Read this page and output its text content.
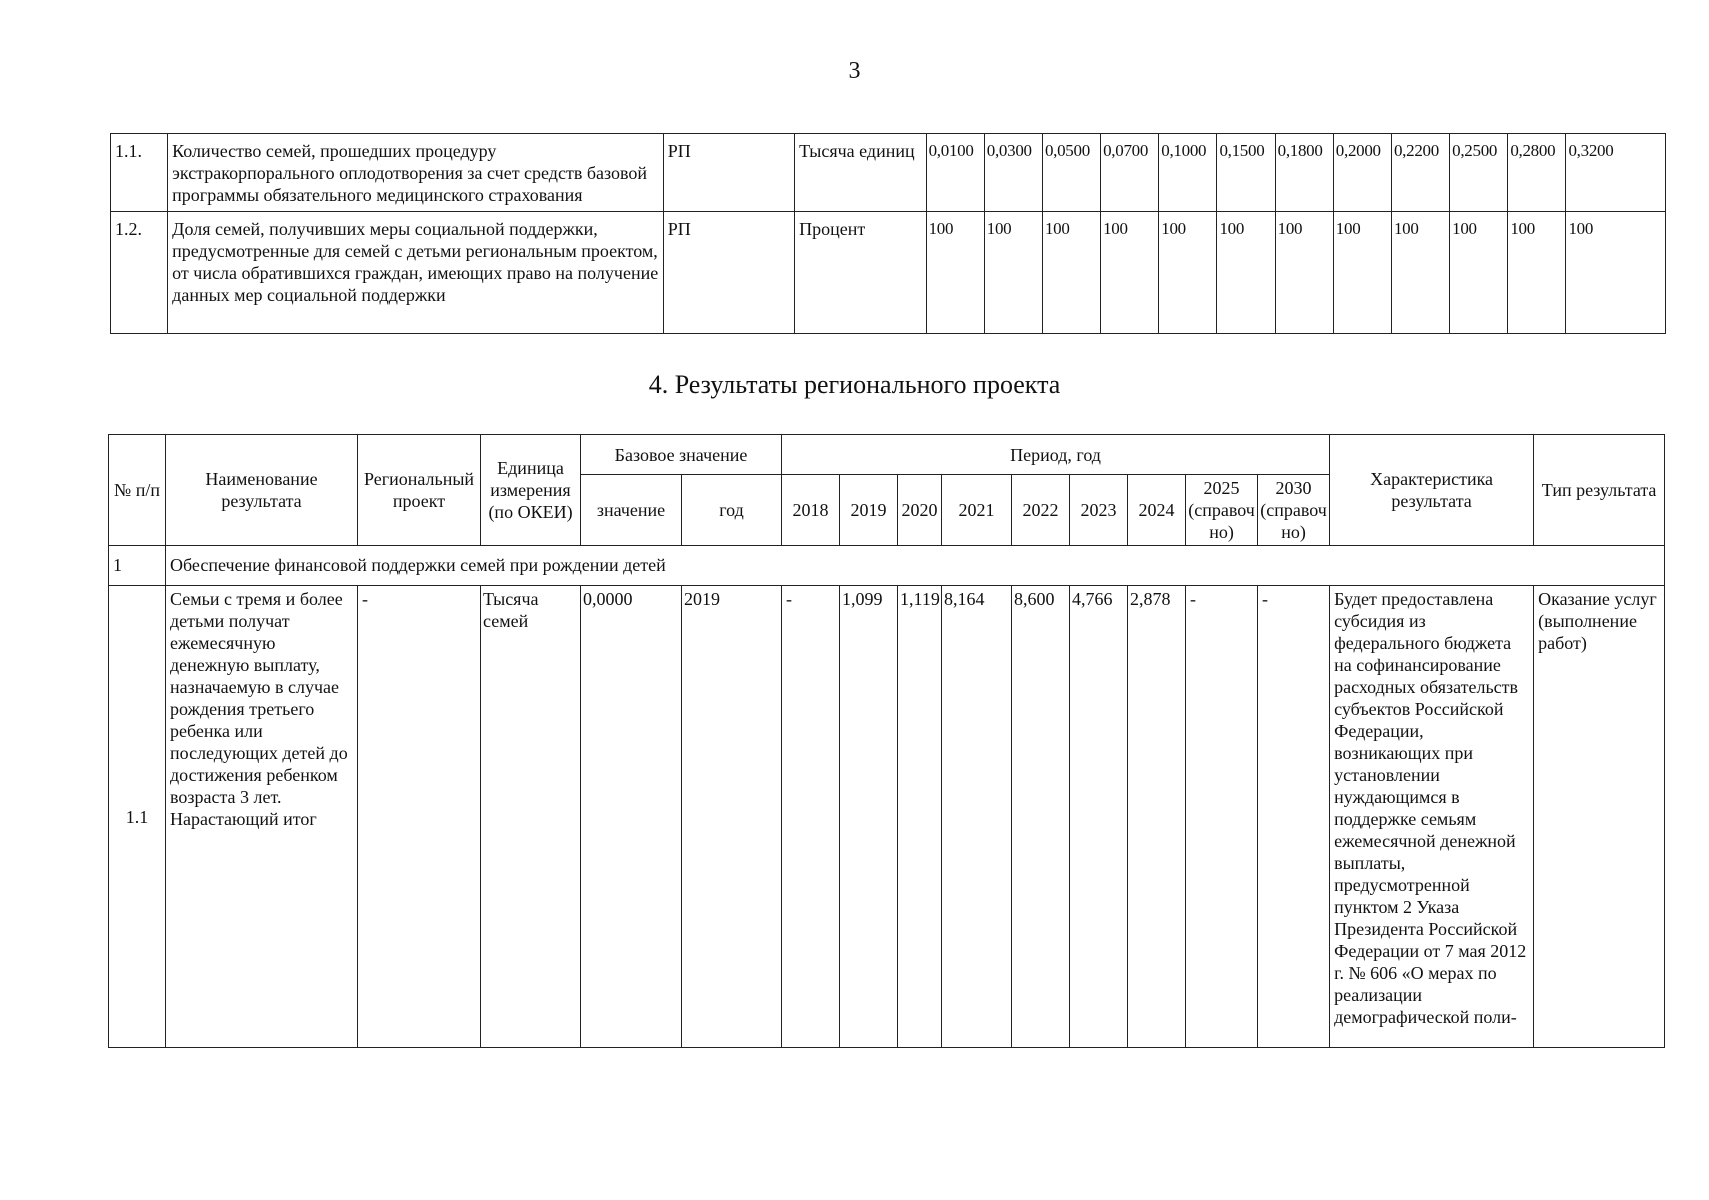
3
1.1.	Количество семей, прошедших процедуру экстракорпорального оплодотворения за счет средств базовой программы обязательного медицинского страхования	РП	Тысяча единиц	0,0100	0,0300	0,0500	0,0700	0,1000	0,1500	0,1800	0,2000	0,2200	0,2500	0,2800	0,3200
1.2.	Доля семей, получивших меры социальной поддержки, предусмотренные для семей с детьми региональным проектом, от числа обратившихся граждан, имеющих право на получение данных мер социальной поддержки	РП	Процент	100	100	100	100	100	100	100	100	100	100	100	100
4. Результаты регионального проекта
№ п/п	Наименование результата	Региональный проект	Единица измерения (по ОКЕИ)	Базовое значение		Период, год									Характеристика результата	Тип результата
				значение	год	2018	2019	2020	2021	2022	2023	2024	2025 (справочно)	2030 (справочно)		
1	Обеспечение финансовой поддержки семей при рождении детей															
1.1	Семьи с тремя и более детьми получат ежемесячную денежную выплату, назначаемую в случае рождения третьего ребенка или последующих детей до достижения ребенком возраста 3 лет. Нарастающий итог	-	Тысяча семей	0,0000	2019	-	1,099	1,119	8,164	8,600	4,766	2,878	-	-	Будет предоставлена субсидия из федерального бюджета на софинансирование расходных обязательств субъектов Российской Федерации, возникающих при установлении нуждающимся в поддержке семьям ежемесячной денежной выплаты, предусмотренной пунктом 2 Указа Президента Российской Федерации от 7 мая 2012 г. № 606 «О мерах по реализации демографической поли-	Оказание услуг (выполнение работ)
